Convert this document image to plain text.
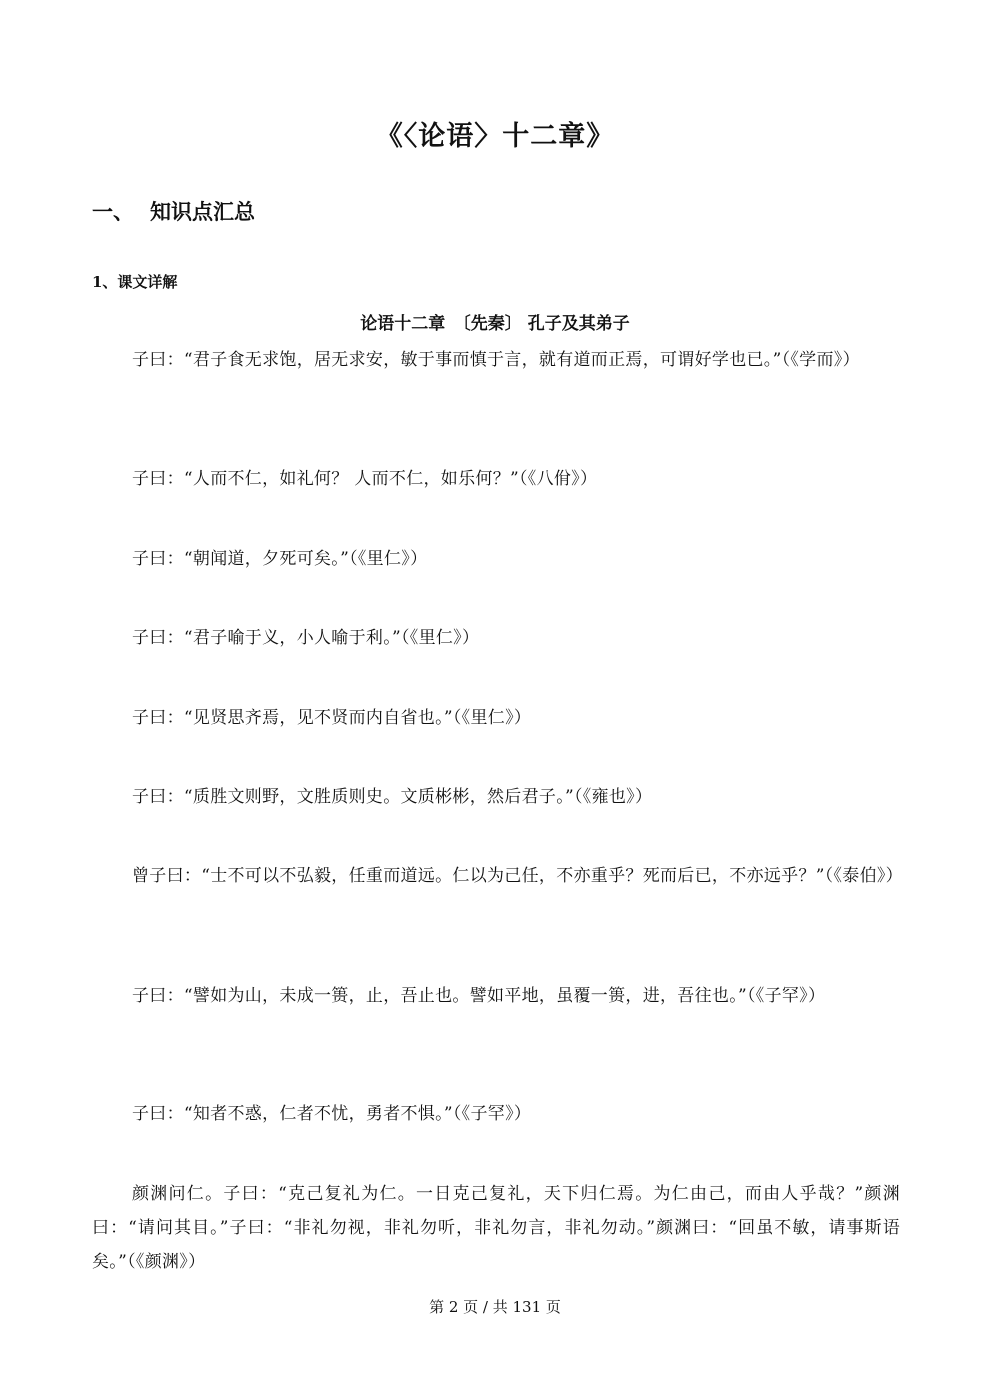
《〈论语〉十二章》
一、 知识点汇总
1、课文详解
论语十二章　〔先秦〕 孔子及其弟子

子曰：“君子食无求饱，居无求安，敏于事而慎于言，就有道而正焉，可谓好学也已。”（《学而》）

子曰：“人而不仁，如礼何？ 人而不仁，如乐何？”（《八佾》）

子曰：“朝闻道，夕死可矣。”（《里仁》）

子曰：“君子喻于义，小人喻于利。”（《里仁》）

子曰：“见贤思齐焉，见不贤而内自省也。”（《里仁》）

子曰：“质胜文则野，文胜质则史。文质彬彬，然后君子。”（《雍也》）

曾子曰：“士不可以不弘毅，任重而道远。仁以为己任，不亦重乎？死而后已，不亦远乎？”（《泰伯》）

子曰：“譬如为山，未成一篑，止，吾止也。譬如平地，虽覆一篑，进，吾往也。”（《子罕》）

子曰：“知者不惑，仁者不忧，勇者不惧。”（《子罕》）

颜渊问仁。子曰：“克己复礼为仁。一日克己复礼，天下归仁焉。为仁由己，而由人乎哉？”颜渊曰：“请问其目。”子曰：“非礼勿视，非礼勿听，非礼勿言，非礼勿动。”颜渊曰：“回虽不敏，请事斯语矣。”（《颜渊》）

第 2 页 / 共 131 页
